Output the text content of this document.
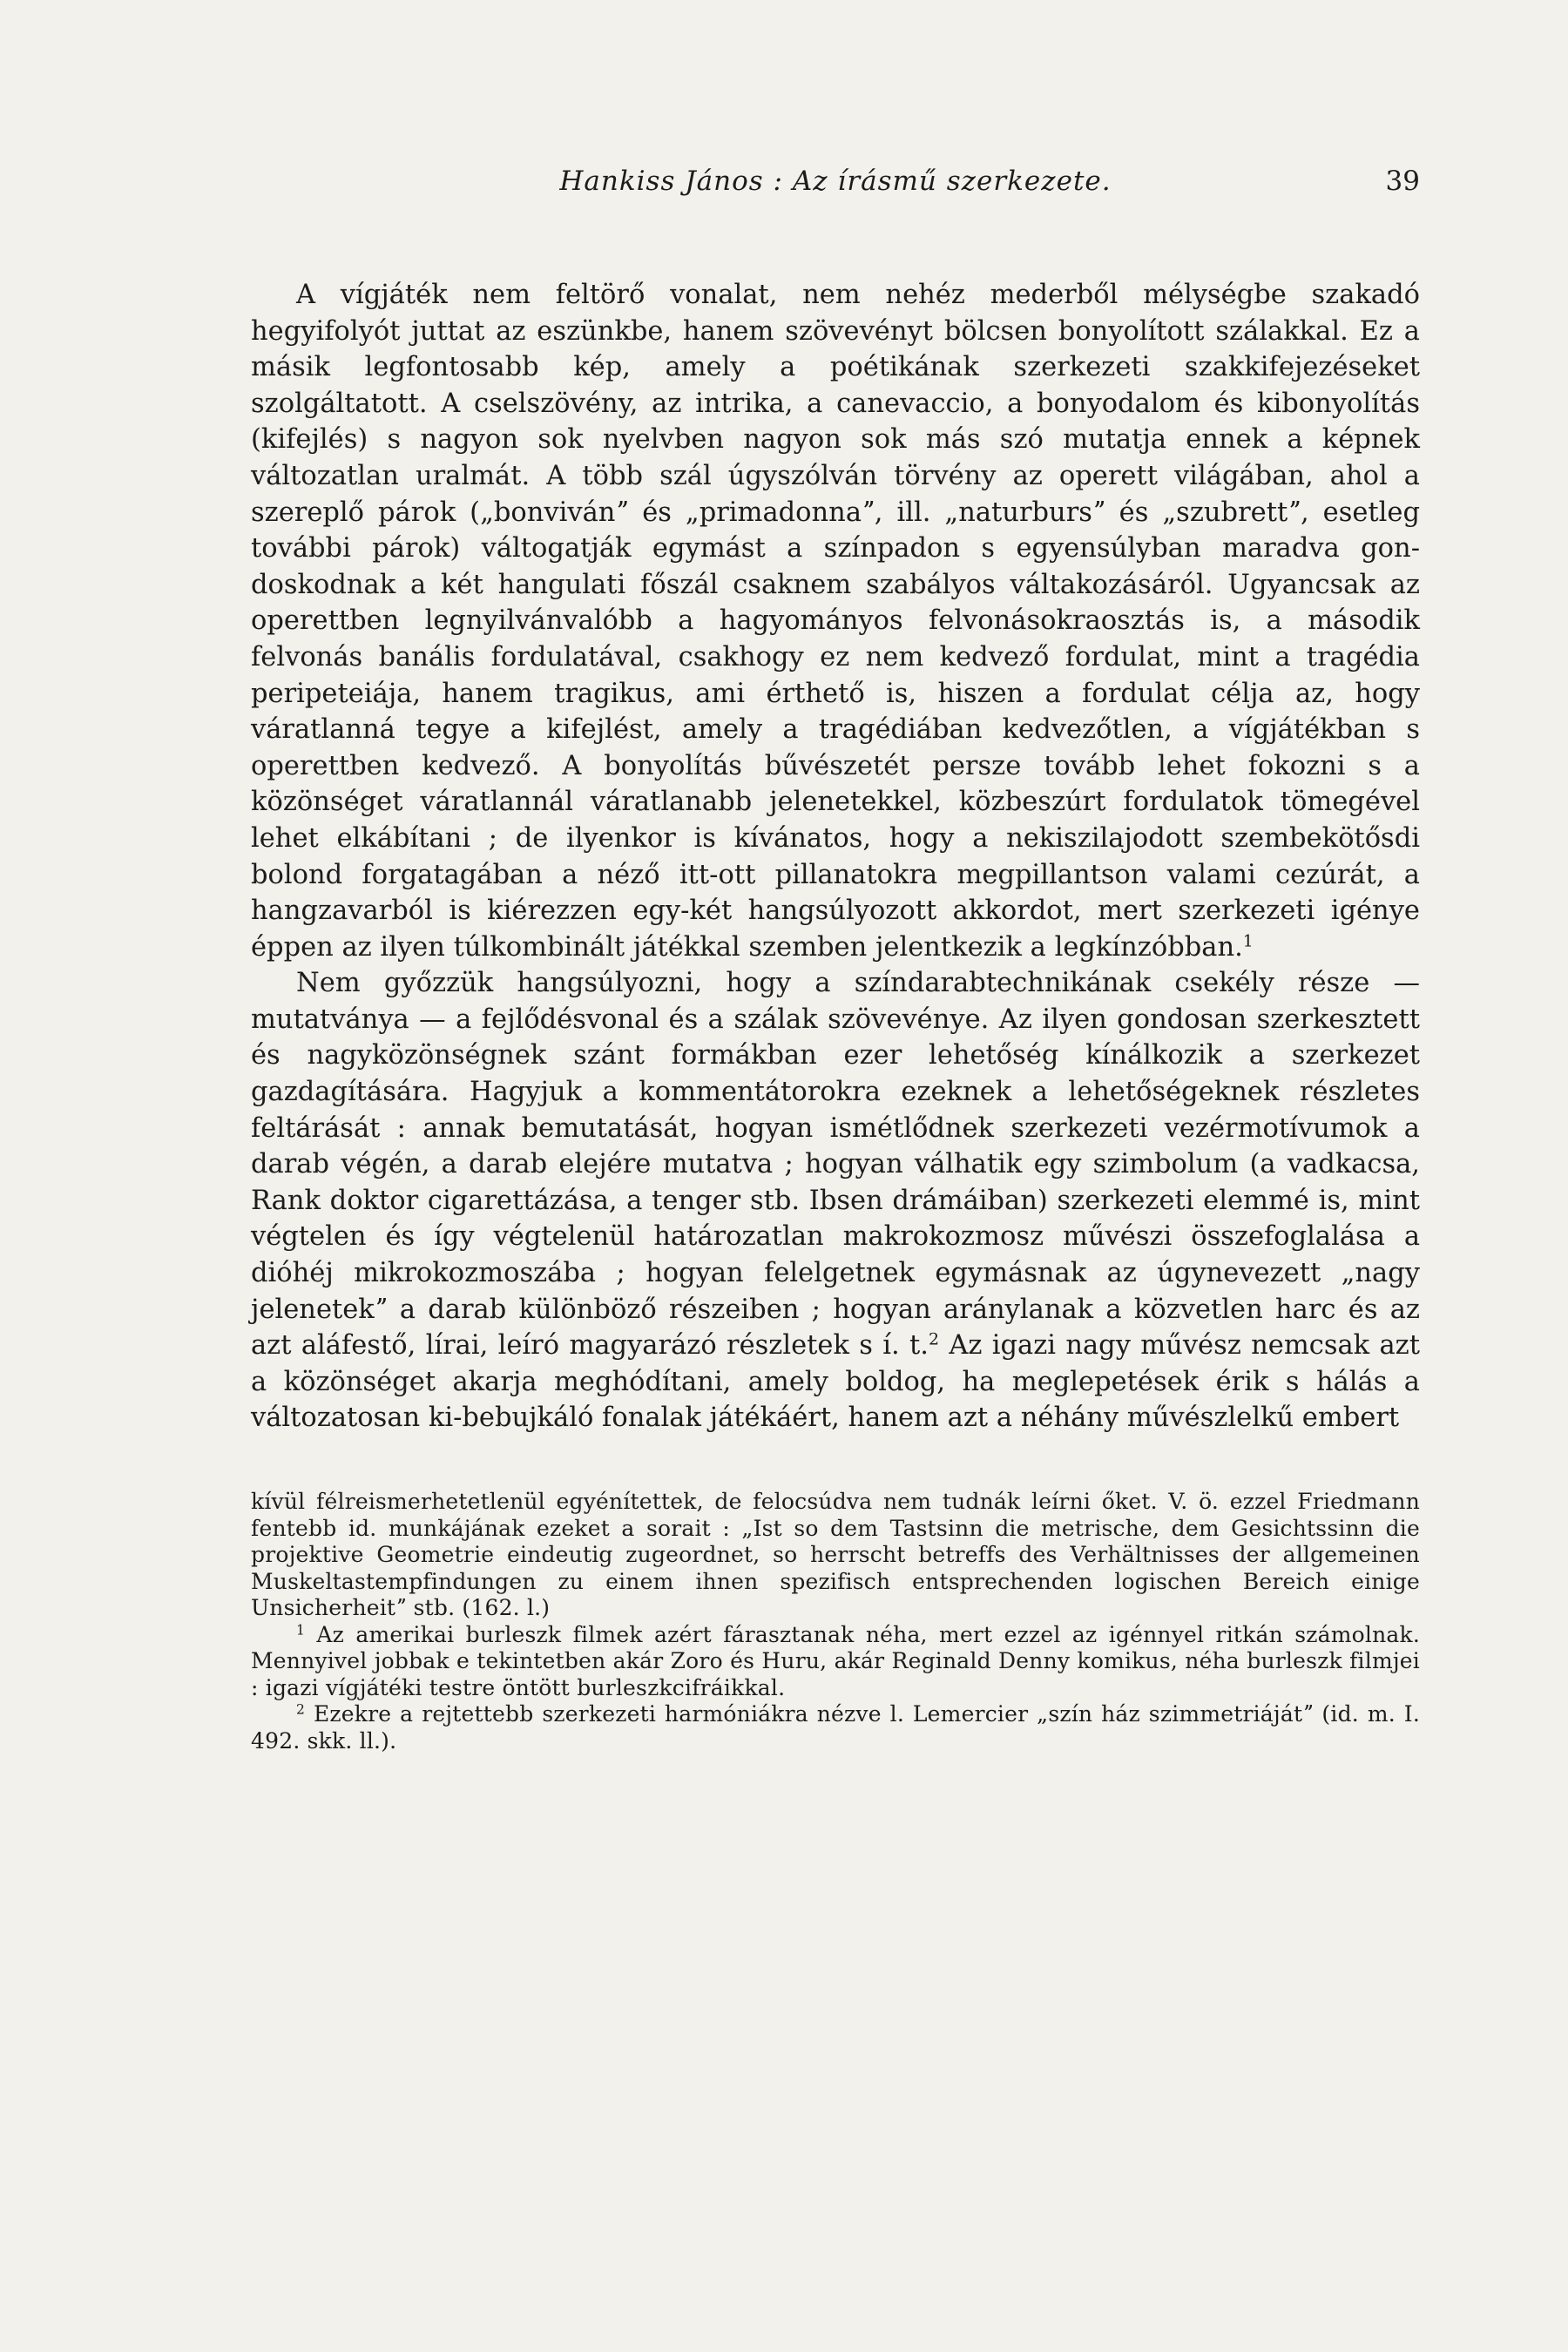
Hankiss János : Az írásmű szerkezete.	39

A vígjáték nem feltörő vonalat, nem nehéz mederből mélységbe szakadó hegyifolyót juttat az eszünkbe, hanem szövevényt bölcsen bonyolított szálakkal. Ez a másik legfontosabb kép, amely a poétikának szerkezeti szakkifejezéseket szolgáltatott. A cselszövény, az intrika, a canevaccio, a bonyodalom és kibonyolítás (kifejlés) s nagyon sok nyelvben nagyon sok más szó mutatja ennek a képnek változatlan uralmát. A több szál úgyszólván törvény az operett világában, ahol a szereplő párok („bonvivánˮ és „primadonnaˮ, ill. „naturbursˮ és „szubrettˮ, esetleg további párok) váltogatják egymást a színpadon s egyensúlyban maradva gondoskodnak a két hangulati főszál csaknem szabályos váltakozásáról. Ugyancsak az operettben legnyilvánvalóbb a hagyományos felvonásokraosztás is, a második felvonás banális fordulatával, csakhogy ez nem kedvező fordulat, mint a tragédia peripeteiája, hanem tragikus, ami érthető is, hiszen a fordulat célja az, hogy váratlanná tegye a kifejlést, amely a tragédiában kedvezőtlen, a vígjátékban s operettben kedvező. A bonyolítás bűvészetét persze tovább lehet fokozni s a közönséget váratlannál váratlanabb jelenetekkel, közbeszúrt fordulatok tömegével lehet elkábítani ; de ilyenkor is kívánatos, hogy a nekiszilajodott szembekötősdi bolond forgatagában a néző itt-ott pillanatokra megpillantson valami cezúrát, a hangzavarból is kiérezzen egy-két hangsúlyozott akkordot, mert szerkezeti igénye éppen az ilyen túlkombinált játékkal szemben jelentkezik a legkínzóbban.$^1$

Nem győzzük hangsúlyozni, hogy a színdarabtechnikának csekély része — mutatványa — a fejlődésvonal és a szálak szövevénye. Az ilyen gondosan szerkesztett és nagyközönségnek szánt formákban ezer lehetőség kínálkozik a szerkezet gazdagítására. Hagyjuk a kommentátorokra ezeknek a lehetőségeknek részletes feltárását : annak bemutatását, hogyan ismétlődnek szerkezeti vezérmotívumok a darab végén, a darab elejére mutatva ; hogyan válhatik egy szimbolum (a vadkacsa, Rank doktor cigarettázása, a tenger stb. Ibsen drámáiban) szerkezeti elemmé is, mint végtelen és így végtelenül határozatlan makrokozmosz művészi összefoglalása a dióhéj mikrokozmoszába ; hogyan felelgetnek egymásnak az úgynevezett „nagy jelenetekˮ a darab különböző részeiben ; hogyan aránylanak a közvetlen harc és az azt aláfestő, lírai, leíró magyarázó részletek s í. t.$^2$ Az igazi nagy művész nemcsak azt a közönséget akarja meghódítani, amely boldog, ha meglepetések érik s hálás a változatosan ki-bebujkáló fonalak játékáért, hanem azt a néhány művészlelkű embert

kívül félreismerhetetlenül egyénítettek, de felocsúdva nem tudnák leírni őket. V. ö. ezzel Friedmann fentebb id. munkájának ezeket a sorait : „Ist so dem Tastsinn die metrische, dem Gesichtssinn die projektive Geometrie eindeutig zugeordnet, so herrscht betreffs des Verhältnisses der allgemeinen Muskeltastempfindungen zu einem ihnen spezifisch entsprechenden logischen Bereich einige Unsicherheitˮ stb. (162. l.)

$^1$ Az amerikai burleszk filmek azért fárasztanak néha, mert ezzel az igénnyel ritkán számolnak. Mennyivel jobbak e tekintetben akár Zoro és Huru, akár Reginald Denny komikus, néha burleszk filmjei : igazi vígjátéki testre öntött burleszkcifráikkal.

$^2$ Ezekre a rejtettebb szerkezeti harmóniákra nézve l. Lemercier „szín ház szimmetriájátˮ (id. m. I. 492. skk. ll.).
